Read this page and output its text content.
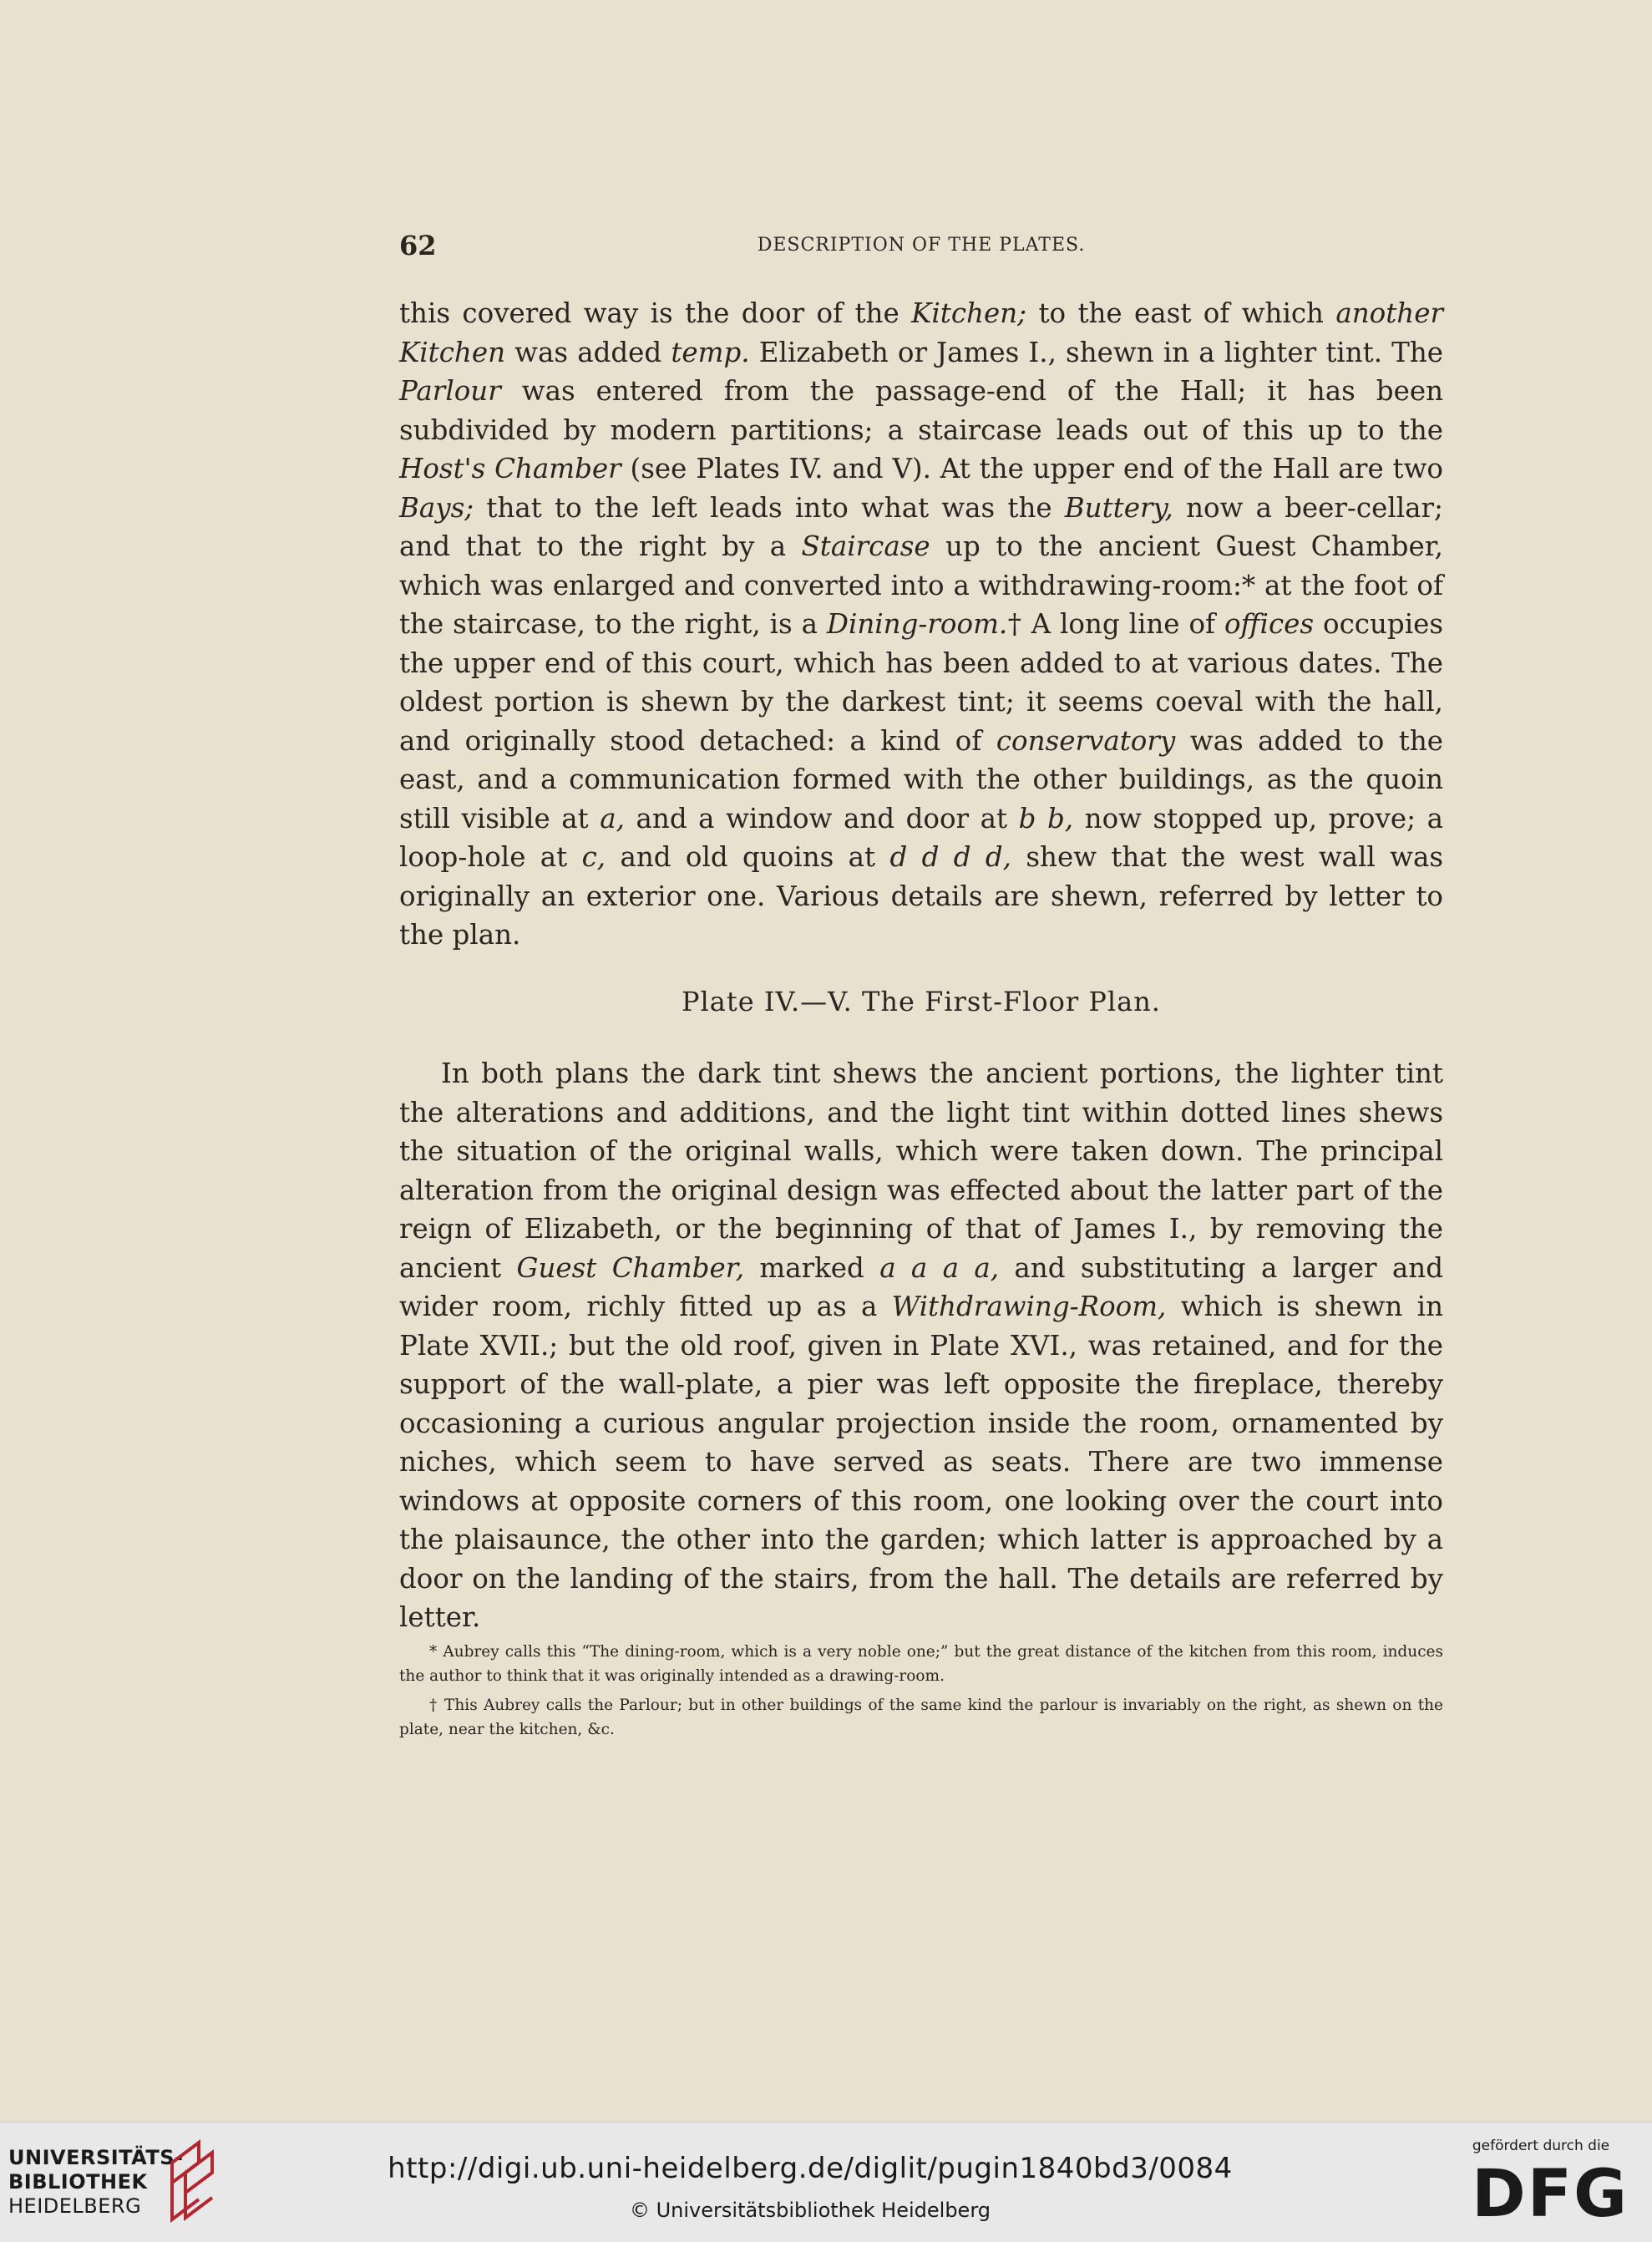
62	DESCRIPTION OF THE PLATES.

this covered way is the door of the Kitchen; to the east of which another Kitchen was added temp. Elizabeth or James I., shewn in a lighter tint. The Parlour was entered from the passage-end of the Hall; it has been subdivided by modern partitions; a staircase leads out of this up to the Host's Chamber (see Plates IV. and V). At the upper end of the Hall are two Bays; that to the left leads into what was the Buttery, now a beer-cellar; and that to the right by a Staircase up to the ancient Guest Chamber, which was enlarged and converted into a withdrawing-room:* at the foot of the staircase, to the right, is a Dining-room.† A long line of offices occupies the upper end of this court, which has been added to at various dates. The oldest portion is shewn by the darkest tint; it seems coeval with the hall, and originally stood detached: a kind of conservatory was added to the east, and a communication formed with the other buildings, as the quoin still visible at a, and a window and door at b b, now stopped up, prove; a loop-hole at c, and old quoins at d d d d, shew that the west wall was originally an exterior one. Various details are shewn, referred by letter to the plan.

Plate IV.—V. The First-Floor Plan.

In both plans the dark tint shews the ancient portions, the lighter tint the alterations and additions, and the light tint within dotted lines shews the situation of the original walls, which were taken down. The principal alteration from the original design was effected about the latter part of the reign of Elizabeth, or the beginning of that of James I., by removing the ancient Guest Chamber, marked a a a a, and substituting a larger and wider room, richly fitted up as a Withdrawing-Room, which is shewn in Plate XVII.; but the old roof, given in Plate XVI., was retained, and for the support of the wall-plate, a pier was left opposite the fireplace, thereby occasioning a curious angular projection inside the room, ornamented by niches, which seem to have served as seats. There are two immense windows at opposite corners of this room, one looking over the court into the plaisaunce, the other into the garden; which latter is approached by a door on the landing of the stairs, from the hall. The details are referred by letter.

* Aubrey calls this “The dining-room, which is a very noble one;” but the great distance of the kitchen from this room, induces the author to think that it was originally intended as a drawing-room.

† This Aubrey calls the Parlour; but in other buildings of the same kind the parlour is invariably on the right, as shewn on the plate, near the kitchen, &c.

UNIVERSITÄTS-
BIBLIOTHEK
HEIDELBERG
http://digi.ub.uni-heidelberg.de/diglit/pugin1840bd3/0084
© Universitätsbibliothek Heidelberg
gefördert durch die
DFG
